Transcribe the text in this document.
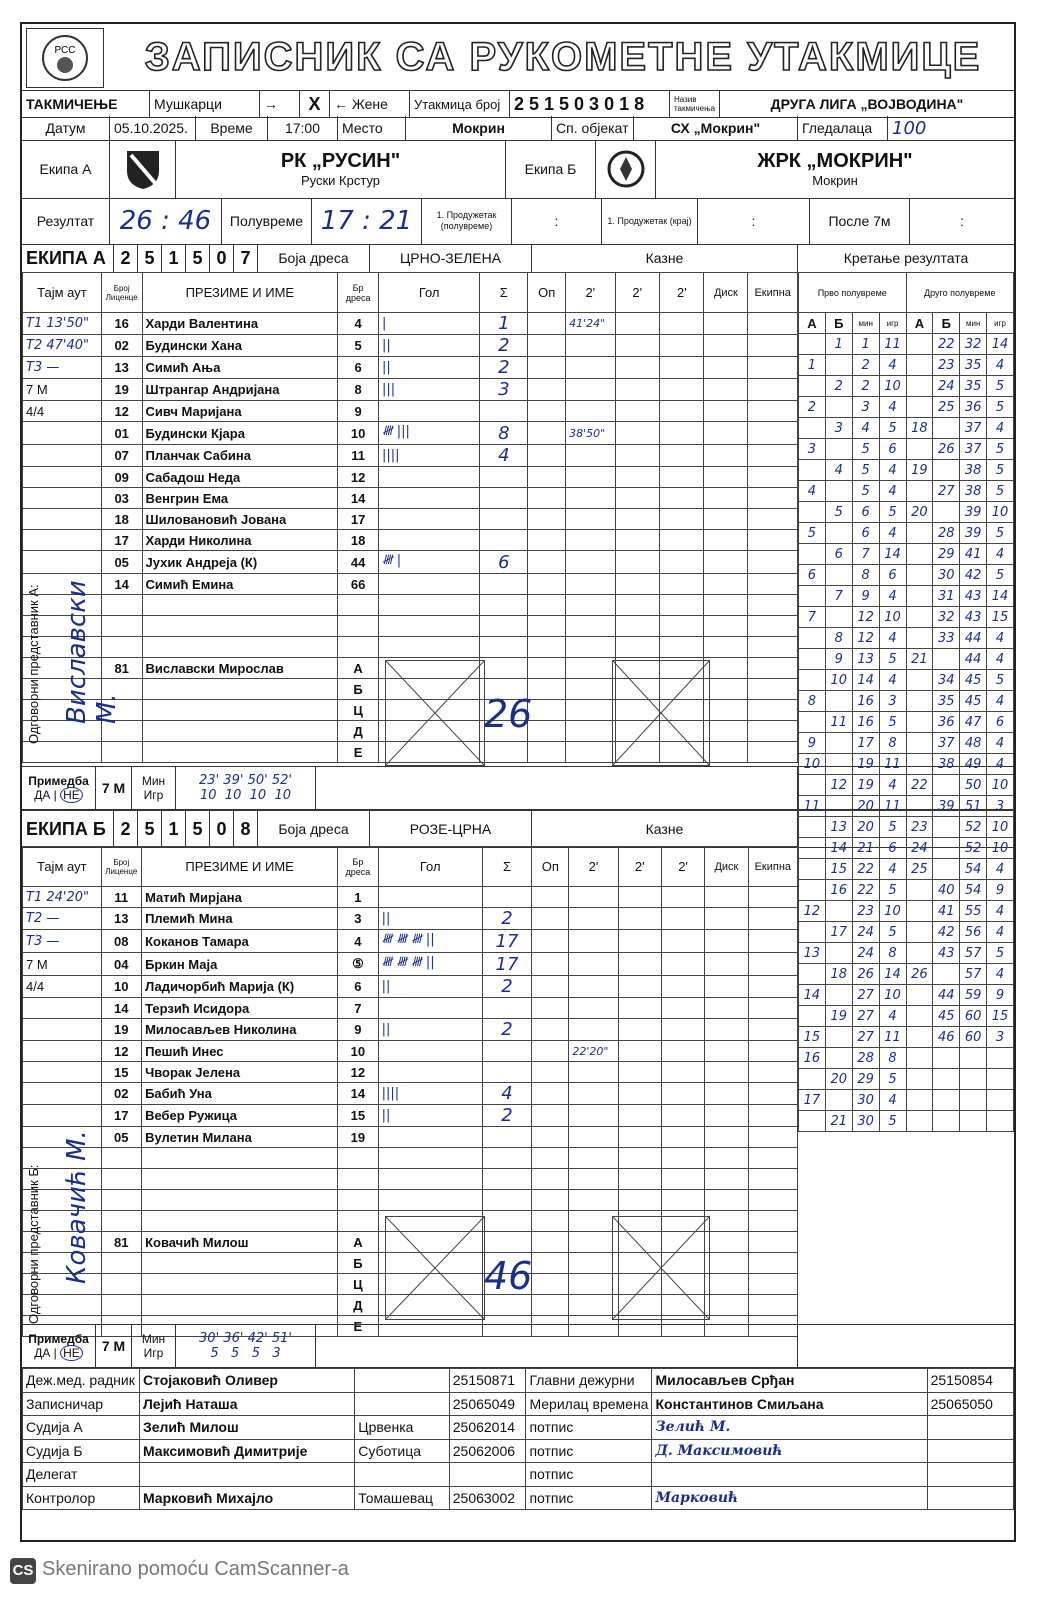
РСС	ЗАПИСНИК СА РУКОМЕТНЕ УТАКМИЦЕ
ТАКМИЧЕЊЕ	Мушкарци	→	X ← Жене	Утакмица број 251503018	Назив такмичења	ДРУГА ЛИГА „ВОЈВОДИНА"
Датум	05.10.2025.	Време	17:00	Место	Мокрин	Сп. објекат	СХ „Мокрин"	Гледалаца	100
Екипа А	РК „РУСИН"
Руски Крстур
Екипа Б	ЖРК „МОКРИН"
Мокрин
Резултат 26 : 46	Полувреме 17 : 21	1. Продужетак (полувреме)	:	1. Продужетак (крај)	:	После 7м	:
ЕКИПА А 2 5 1 5 0 7	Боја дреса	ЦРНО-ЗЕЛЕНА	Казне	Кретање резултата
Тајм аут	Број Лиценце	ПРЕЗИМЕ И ИМЕ	Бр дреса	Гол	Σ	Оп	2'	2'	2'	Диск	Екипна
T1 13'50"	16	Харди Валентина	4	|	1		41'24"				
T2 47'40"	02	Будински Хана	5	||	2						
T3 —	13	Симић Ања	6	||	2						
7 М	19	Штрангар Андријана	8	|||	3						
4/4	12	Сивч Маријана	9								
	01	Будински Кјара	10	𝍸 |||	8		38'50"				
	07	Планчак Сабина	11	||||	4						
	09	Сабадош Неда	12								
	03	Венгрин Ема	14								
	18	Шиловановић Јована	17								
	17	Харди Николина	18								
	05	Јухик Андреја (К)	44	𝍸 |	6						
	14	Симић Емина	66								

	81	Виславски Мирослав	А								
			Б								
			Ц								
			Д								
			Е								
Одговорни представник А: Виславски М.	26
Примедба
ДА | НЕ	7 М	Мин
Игр
23' 39' 50' 52'
10 10 10 10
ЕКИПА Б 2 5 1 5 0 8	Боја дреса	РОЗЕ-ЦРНА	Казне
Тајм аут	Број Лиценце	ПРЕЗИМЕ И ИМЕ	Бр дреса	Гол	Σ	Оп	2'	2'	2'	Диск	Екипна
T1 24'20"	11	Матић Мирјана	1								
T2 —	13	Племић Мина	3	||	2						
T3 —	08	Коканов Тамара	4	𝍸 𝍸 𝍸 ||	17						
7 М	04	Бркин Маја	⑤	𝍸 𝍸 𝍸 ||	17						
4/4	10	Ладичорбић Марија (К)	6	||	2						
	14	Терзић Исидора	7								
	19	Милосављев Николина	9	||	2						
	12	Пешић Инес	10				22'20"				
	15	Чворак Јелена	12								
	02	Бабић Уна	14	||||	4						
	17	Вебер Ружица	15	||	2						
	05	Вулетин Милана	19								

	81	Ковачић Милош	А								
			Б								
			Ц								
			Д								
			Е								
Одговорни представник Б: Ковачић М.	46
Примедба
ДА | НЕ	7 М	Мин
Игр
30' 36' 42' 51'
5 5 5 3
Прво полувреме				Друго полувреме			
А	Б	мин	игр	А	Б	мин	игр
	1	1	11		22	32	14
1		2	4		23	35	4
	2	2	10		24	35	5
2		3	4		25	36	5
	3	4	5	18		37	4
3		5	6		26	37	5
	4	5	4	19		38	5
4		5	4		27	38	5
	5	6	5	20		39	10
5		6	4		28	39	5
	6	7	14		29	41	4
6		8	6		30	42	5
	7	9	4		31	43	14
7		12	10		32	43	15
	8	12	4		33	44	4
	9	13	5	21		44	4
	10	14	4		34	45	5
8		16	3		35	45	4
	11	16	5		36	47	6
9		17	8		37	48	4
10		19	11		38	49	4
	12	19	4	22		50	10
11		20	11		39	51	3
	13	20	5	23		52	10
	14	21	6	24		52	10
	15	22	4	25		54	4
	16	22	5		40	54	9
12		23	10		41	55	4
	17	24	5		42	56	4
13		24	8		43	57	5
	18	26	14	26		57	4
14		27	10		44	59	9
	19	27	4		45	60	15
15		27	11		46	60	3
16		28	8				
	20	29	5				
17		30	4				
	21	30	5				
Деж.мед. радник	Стојаковић Оливер		25150871	Главни дежурни	Милосављев Срђан	25150854
Записничар	Лејић Наташа		25065049	Мерилац времена	Константинов Смиљана	25065050
Судија А	Зелић Милош	Црвенка	25062014	потпис	Зелић М.	
Судија Б	Максимовић Димитрије	Суботица	25062006	потпис	Д. Максимовић	
Делегат				потпис		
Контролор	Марковић Михајло	Томашевац	25063002	потпис	Марковић	
CS Skenirano pomoću CamScanner-a
